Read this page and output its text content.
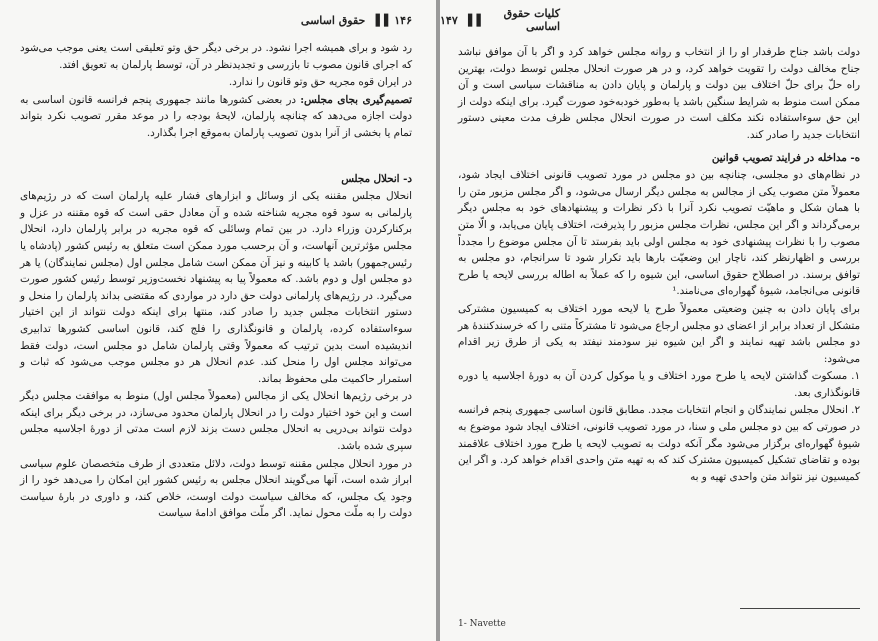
۱۴۶
▐▐
حقوق اساسی

رد شود و برای همیشه اجرا نشود. در برخی دیگر حق وتو تعلیقی است یعنی موجب می‌شود که اجرای قانون مصوب تا بازرسی و تجدیدنظر در آن، توسط پارلمان به تعویق افتد.

در ایران قوه مجریه حق وتو قانون را ندارد.

تصمیم‌گیری بجای مجلس: در بعضی کشورها مانند جمهوری پنجم فرانسه قانون اساسی به دولت اجازه می‌دهد که چنانچه پارلمان، لایحهٔ بودجه را در موعد مقرر تصویب نکرد بتواند تمام یا بخشی از آنرا بدون تصویب پارلمان به‌موقع اجرا بگذارد.

د- انحلال مجلس

انحلال مجلس مقننه یکی از وسائل و ابزارهای فشار علیه پارلمان است که در رژیم‌های پارلمانی به سود قوه مجریه شناخته شده و آن معادل حقی است که قوه مقننه در عزل و برکنارکردن وزراء دارد. در بین تمام وسائلی که قوه مجریه در برابر پارلمان دارد، انحلال مجلس مؤثرترین آنهاست، و آن برحسب مورد ممکن است متعلق به رئیس کشور (پادشاه یا رئیس‌جمهور) باشد یا کابینه و نیز آن ممکن است شامل مجلس اول (مجلس نمایندگان) یا هر دو مجلس اول و دوم باشد. که معمولاً پیا به پیشنهاد نخست‌وزیر توسط رئیس کشور صورت می‌گیرد. در رژیم‌های پارلمانی دولت حق دارد در مواردی که مقتضی بداند پارلمان را منحل و دستور انتخابات مجلس جدید را صادر کند، منتها برای اینکه دولت نتواند از این اختیار سوءاستفاده کرده، پارلمان و قانونگذاری را فلج کند، قانون اساسی کشورها تدابیری اندیشیده است بدین ترتیب که معمولاً وقتی پارلمان شامل دو مجلس است، دولت فقط می‌تواند مجلس اول را منحل کند. عدم انحلال هر دو مجلس موجب می‌شود که ثبات و استمرار حاکمیت ملی محفوظ بماند.

در برخی رژیم‌ها انحلال یکی از مجالس (معمولاً مجلس اول) منوط به موافقت مجلس دیگر است و این خود اختیار دولت را در انحلال پارلمان محدود می‌سازد، در برخی دیگر برای اینکه دولت نتواند بی‌دریی به انحلال مجلس دست بزند لازم است مدتی از دورهٔ اجلاسیه مجلس سپری شده باشد.

در مورد انحلال مجلس مقننه توسط دولت، دلائل متعددی از طرف متخصصان علوم سیاسی ابراز شده است، آنها می‌گویند انحلال مجلس به رئیس کشور این امکان را می‌دهد خود را از وجود یک مجلس، که مخالف سیاست دولت اوست، خلاص کند، و داوری در بارهٔ سیاست دولت را به ملّت محول نماید. اگر ملّت موافق ادامهٔ سیاست

کلیات حقوق اساسی
▐▐
۱۴۷

دولت باشد جناح طرفدار او را از انتخاب و روانه مجلس خواهد کرد و اگر با آن موافق نباشد جناح مخالف دولت را تقویت خواهد کرد، و در هر صورت انحلال مجلس توسط دولت، بهترین راه حلّ برای حلّ اختلاف بین دولت و پارلمان و پایان دادن به مناقشات سیاسی است و آن ممکن است منوط به شرایط سنگین باشد یا به‌طور خودبه‌خود صورت گیرد. برای اینکه دولت از این حق سوءاستفاده نکند مکلف است در صورت انحلال مجلس ظرف مدت معینی دستور انتخابات جدید را صادر کند.

ه- مداخله در فرایند تصویب قوانین

در نظام‌های دو مجلسی، چنانچه بین دو مجلس در مورد تصویب قانونی اختلاف ایجاد شود، معمولاً متن مصوب یکی از مجالس به مجلس دیگر ارسال می‌شود، و اگر مجلس مزبور متن را با همان شکل و ماهیّت تصویب نکرد آنرا با ذکر نظرات و پیشنهادهای خود به مجلس دیگر برمی‌گرداند و اگر این مجلس، نظرات مجلس مزبور را پذیرفت، اختلاف پایان می‌یابد، و الّا متن مصوب را با نظرات پیشنهادی خود به مجلس اولی باید بفرستد تا آن مجلس موضوع را مجدداً بررسی و اظهارنظر کند، ناچار این وضعیّت بارها باید تکرار شود تا سرانجام، دو مجلس به توافق برسند. در اصطلاح حقوق اساسی، این شیوه را که عملاً به اطاله بررسی لایحه یا طرح قانونی می‌انجامد، شیوهٔ گهواره‌ای می‌نامند.¹

برای پایان دادن به چنین وضعیتی معمولاً طرح یا لایحه مورد اختلاف به کمیسیون مشترکی متشکل از تعداد برابر از اعضای دو مجلس ارجاع می‌شود تا مشترکاً متنی را که خرسندکنندهٔ هر دو مجلس باشد تهیه نمایند و اگر این شیوه نیز سودمند نیفتد به یکی از طرق زیر اقدام می‌شود:

۱. مسکوت گذاشتن لایحه یا طرح مورد اختلاف و یا موکول کردن آن به دورهٔ اجلاسیه یا دوره قانونگذاری بعد.

۲. انحلال مجلس نمایندگان و انجام انتخابات مجدد. مطابق قانون اساسی جمهوری پنجم فرانسه در صورتی که بین دو مجلس ملی و سنا، در مورد تصویب قانونی، اختلاف ایجاد شود موضوع به شیوهٔ گهواره‌ای برگزار می‌شود مگر آنکه دولت به تصویب لایحه یا طرح مورد اختلاف علاقمند بوده و تقاضای تشکیل کمیسیون مشترک کند که به تهیه متن واحدی اقدام خواهد کرد. و اگر این کمیسیون نیز نتواند متن واحدی تهیه و به

1- Navette
